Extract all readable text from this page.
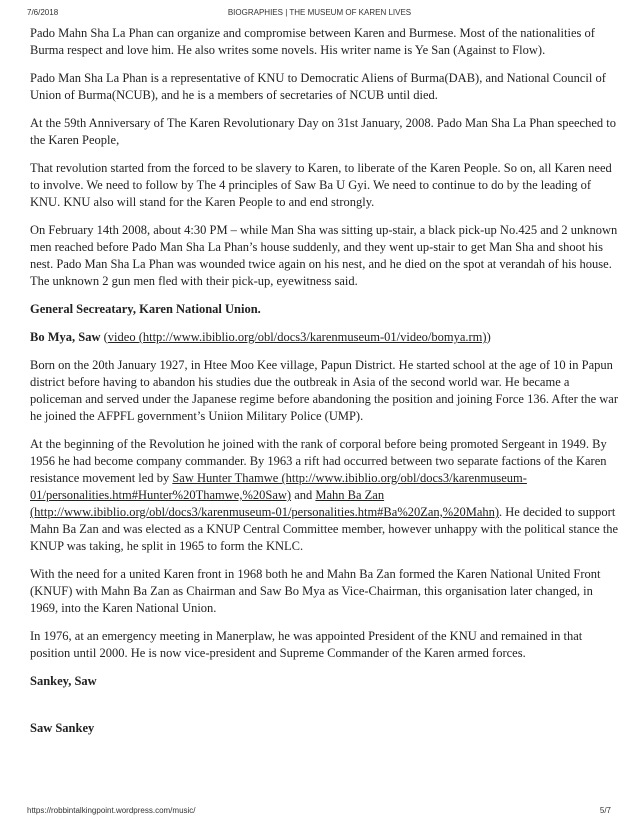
7/6/2018	BIOGRAPHIES | THE MUSEUM OF KAREN LIVES

Pado Mahn Sha La Phan can organize and compromise between Karen and Burmese. Most of the nationalities of Burma respect and love him. He also writes some novels. His writer name is Ye San (Against to Flow).

Pado Man Sha La Phan is a representative of KNU to Democratic Aliens of Burma(DAB), and National Council of Union of Burma(NCUB), and he is a members of secretaries of NCUB until died.

At the 59th Anniversary of The Karen Revolutionary Day on 31st January, 2008. Pado Man Sha La Phan speeched to the Karen People,

That revolution started from the forced to be slavery to Karen, to liberate of the Karen People. So on, all Karen need to involve. We need to follow by The 4 principles of Saw Ba U Gyi. We need to continue to do by the leading of KNU. KNU also will stand for the Karen People to and end strongly.

On February 14th 2008, about 4:30 PM – while Man Sha was sitting up-stair, a black pick-up No.425 and 2 unknown men reached before Pado Man Sha La Phan’s house suddenly, and they went up-stair to get Man Sha and shoot his nest. Pado Man Sha La Phan was wounded twice again on his nest, and he died on the spot at verandah of his house. The unknown 2 gun men fled with their pick-up, eyewitness said.

General Secreatary, Karen National Union.

Bo Mya, Saw (video (http://www.ibiblio.org/obl/docs3/karenmuseum-01/video/bomya.rm))

Born on the 20th January 1927, in Htee Moo Kee village, Papun District. He started school at the age of 10 in Papun district before having to abandon his studies due the outbreak in Asia of the second world war. He became a policeman and served under the Japanese regime before abandoning the position and joining Force 136. After the war he joined the AFPFL government’s Uniion Military Police (UMP).

At the beginning of the Revolution he joined with the rank of corporal before being promoted Sergeant in 1949. By 1956 he had become company commander. By 1963 a rift had occurred between two separate factions of the Karen resistance movement led by Saw Hunter Thamwe (http://www.ibiblio.org/obl/docs3/karenmuseum-01/personalities.htm#Hunter%20Thamwe,%20Saw) and Mahn Ba Zan (http://www.ibiblio.org/obl/docs3/karenmuseum-01/personalities.htm#Ba%20Zan,%20Mahn). He decided to support Mahn Ba Zan and was elected as a KNUP Central Committee member, however unhappy with the political stance the KNUP was taking, he split in 1965 to form the KNLC.

With the need for a united Karen front in 1968 both he and Mahn Ba Zan formed the Karen National United Front (KNUF) with Mahn Ba Zan as Chairman and Saw Bo Mya as Vice-Chairman, this organisation later changed, in 1969, into the Karen National Union.

In 1976, at an emergency meeting in Manerplaw, he was appointed President of the KNU and remained in that position until 2000. He is now vice-president and Supreme Commander of the Karen armed forces.

Sankey, Saw

Saw Sankey

https://robbintalkingpoint.wordpress.com/music/	5/7
